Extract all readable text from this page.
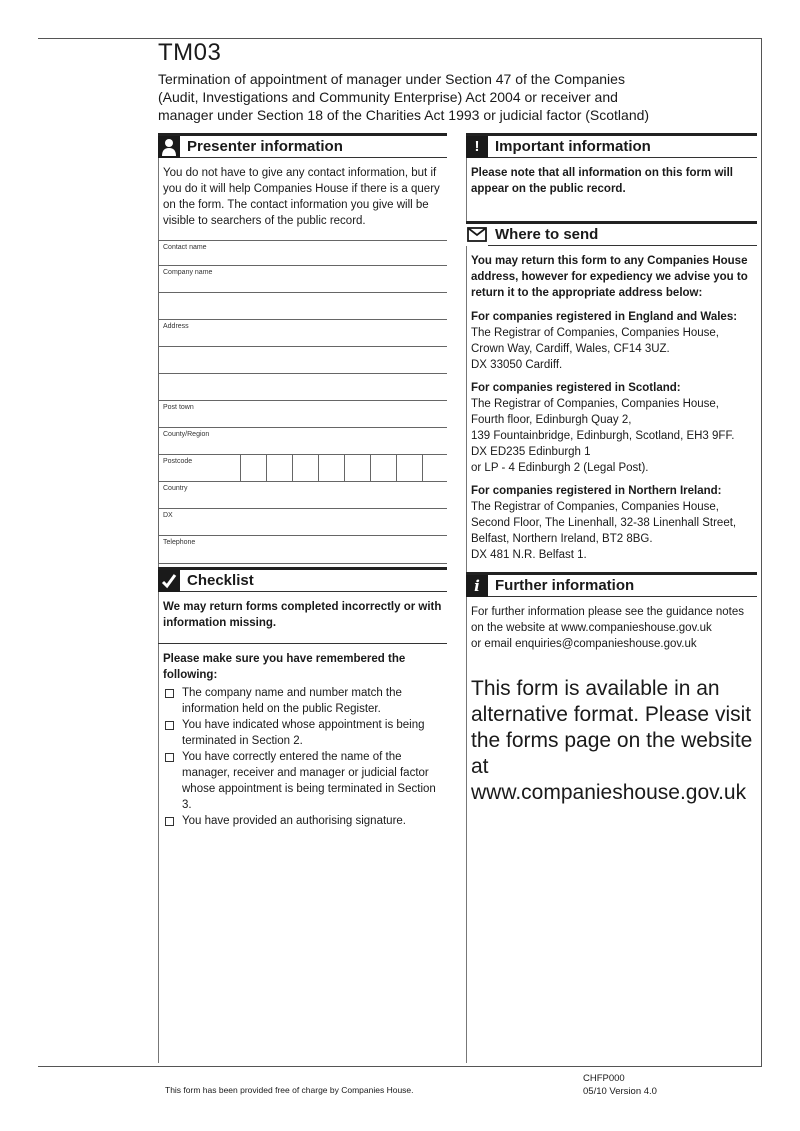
TM03
Termination of appointment of manager under Section 47 of the Companies
(Audit, Investigations and Community Enterprise) Act 2004 or receiver and
manager under Section 18 of the Charities Act 1993 or judicial factor (Scotland)
Presenter information
You do not have to give any contact information, but if you do it will help Companies House if there is a query on the form. The contact information you give will be visible to searchers of the public record.
Contact name
Company name
Address
Post town
County/Region
Postcode
Country
DX
Telephone
Checklist
We may return forms completed incorrectly or with information missing.
Please make sure you have remembered the following:
The company name and number match the information held on the public Register.
You have indicated whose appointment is being terminated in Section 2.
You have correctly entered the name of the manager, receiver and manager or judicial factor whose appointment is being terminated in Section 3.
You have provided an authorising signature.
!	Important information
Please note that all information on this form will appear on the public record.
Where to send
You may return this form to any Companies House address, however for expediency we advise you to return it to the appropriate address below:
For companies registered in England and Wales:
The Registrar of Companies, Companies House,
Crown Way, Cardiff, Wales, CF14 3UZ.
DX 33050 Cardiff.
For companies registered in Scotland:
The Registrar of Companies, Companies House,
Fourth floor, Edinburgh Quay 2,
139 Fountainbridge, Edinburgh, Scotland, EH3 9FF.
DX ED235 Edinburgh 1
or LP - 4 Edinburgh 2 (Legal Post).
For companies registered in Northern Ireland:
The Registrar of Companies, Companies House,
Second Floor, The Linenhall, 32-38 Linenhall Street,
Belfast, Northern Ireland, BT2 8BG.
DX 481 N.R. Belfast 1.
i	Further information
For further information please see the guidance notes
on the website at www.companieshouse.gov.uk
or email enquiries@companieshouse.gov.uk
This form is available in an alternative format. Please visit the forms page on the website at www.companieshouse.gov.uk
This form has been provided free of charge by Companies House.
CHFP000
05/10 Version 4.0
